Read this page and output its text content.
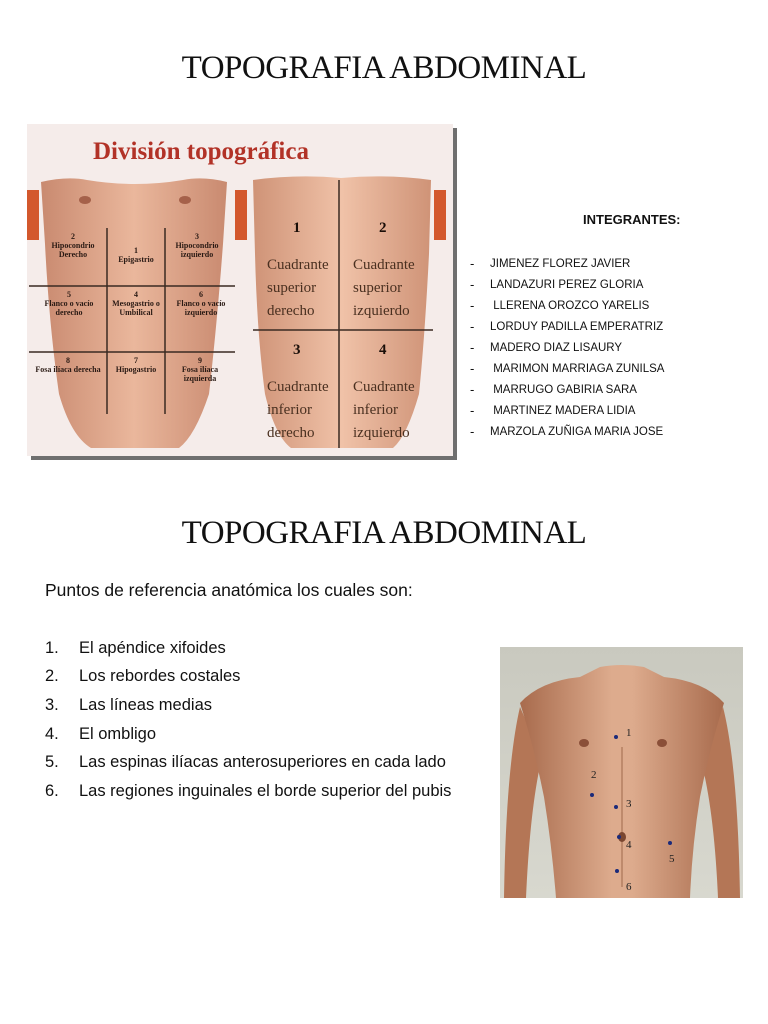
TOPOGRAFIA ABDOMINAL
División topográfica
2
Hipocondrio Derecho	1
Epigastrio
3
Hipocondrio izquierdo
5
Flanco o vacío derecho
4
Mesogastrio o Umbilical
6
Flanco o vacío izquierdo
8
Fosa ilíaca derecha
7
Hipogastrio
9
Fosa ilíaca izquierda
1
Cuadrante
superior
derecho
2
Cuadrante
superior
izquierdo
3
Cuadrante
inferior
derecho
4
Cuadrante
inferior
izquierdo
INTEGRANTES:
-	JIMENEZ FLOREZ JAVIER
-	LANDAZURI PEREZ GLORIA
-	LLERENA OROZCO YARELIS
-	LORDUY PADILLA EMPERATRIZ
-	MADERO DIAZ LISAURY
-	MARIMON MARRIAGA ZUNILSA
-	MARRUGO GABIRIA SARA
-	MARTINEZ MADERA LIDIA
-	MARZOLA ZUÑIGA MARIA JOSE
TOPOGRAFIA ABDOMINAL
Puntos de referencia anatómica los cuales son:
1.	El apéndice xifoides
2.	Los rebordes costales
3.	Las líneas medias
4.	El ombligo
5.	Las espinas ilíacas anterosuperiores en cada lado
6.	Las regiones inguinales el borde superior del pubis
1
2
3
4
5
6
